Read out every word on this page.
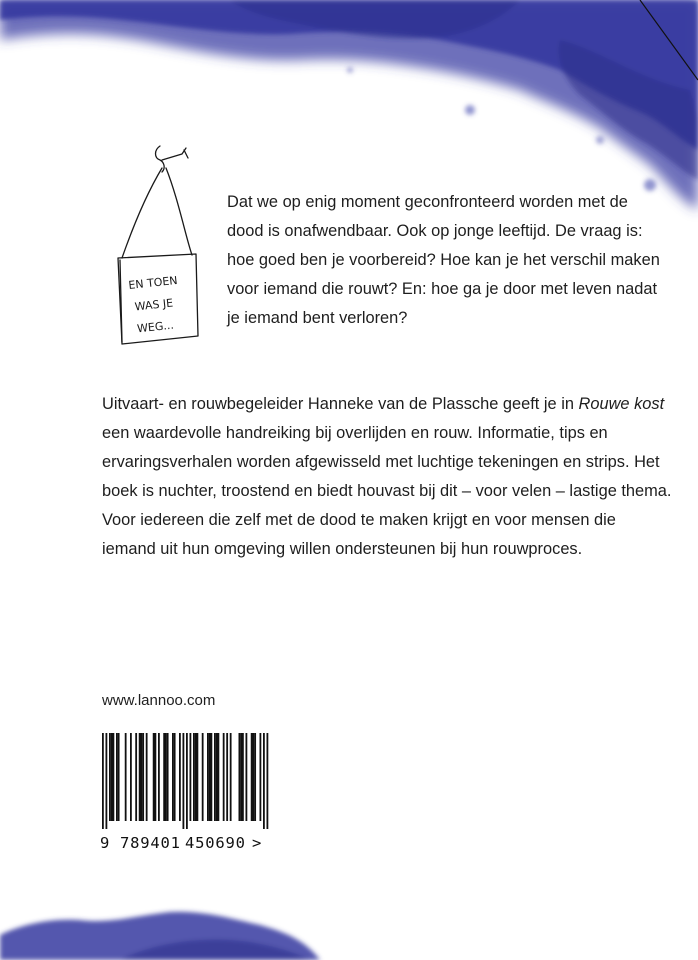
EN TOEN
WAS JE
WEG...

Dat we op enig moment geconfronteerd worden met de dood is onafwendbaar. Ook op jonge leeftijd. De vraag is: hoe goed ben je voorbereid? Hoe kan je het verschil maken voor iemand die rouwt? En: hoe ga je door met leven nadat je iemand bent verloren?

Uitvaart- en rouwbegeleider Hanneke van de Plassche geeft je in Rouwe kost een waardevolle handreiking bij overlijden en rouw. Informatie, tips en ervaringsverhalen worden afgewisseld met luchtige tekeningen en strips. Het boek is nuchter, troostend en biedt houvast bij dit – voor velen – lastige thema. Voor iedereen die zelf met de dood te maken krijgt en voor mensen die iemand uit hun omgeving willen ondersteunen bij hun rouwproces.

www.lannoo.com
9 789401 450690 >
